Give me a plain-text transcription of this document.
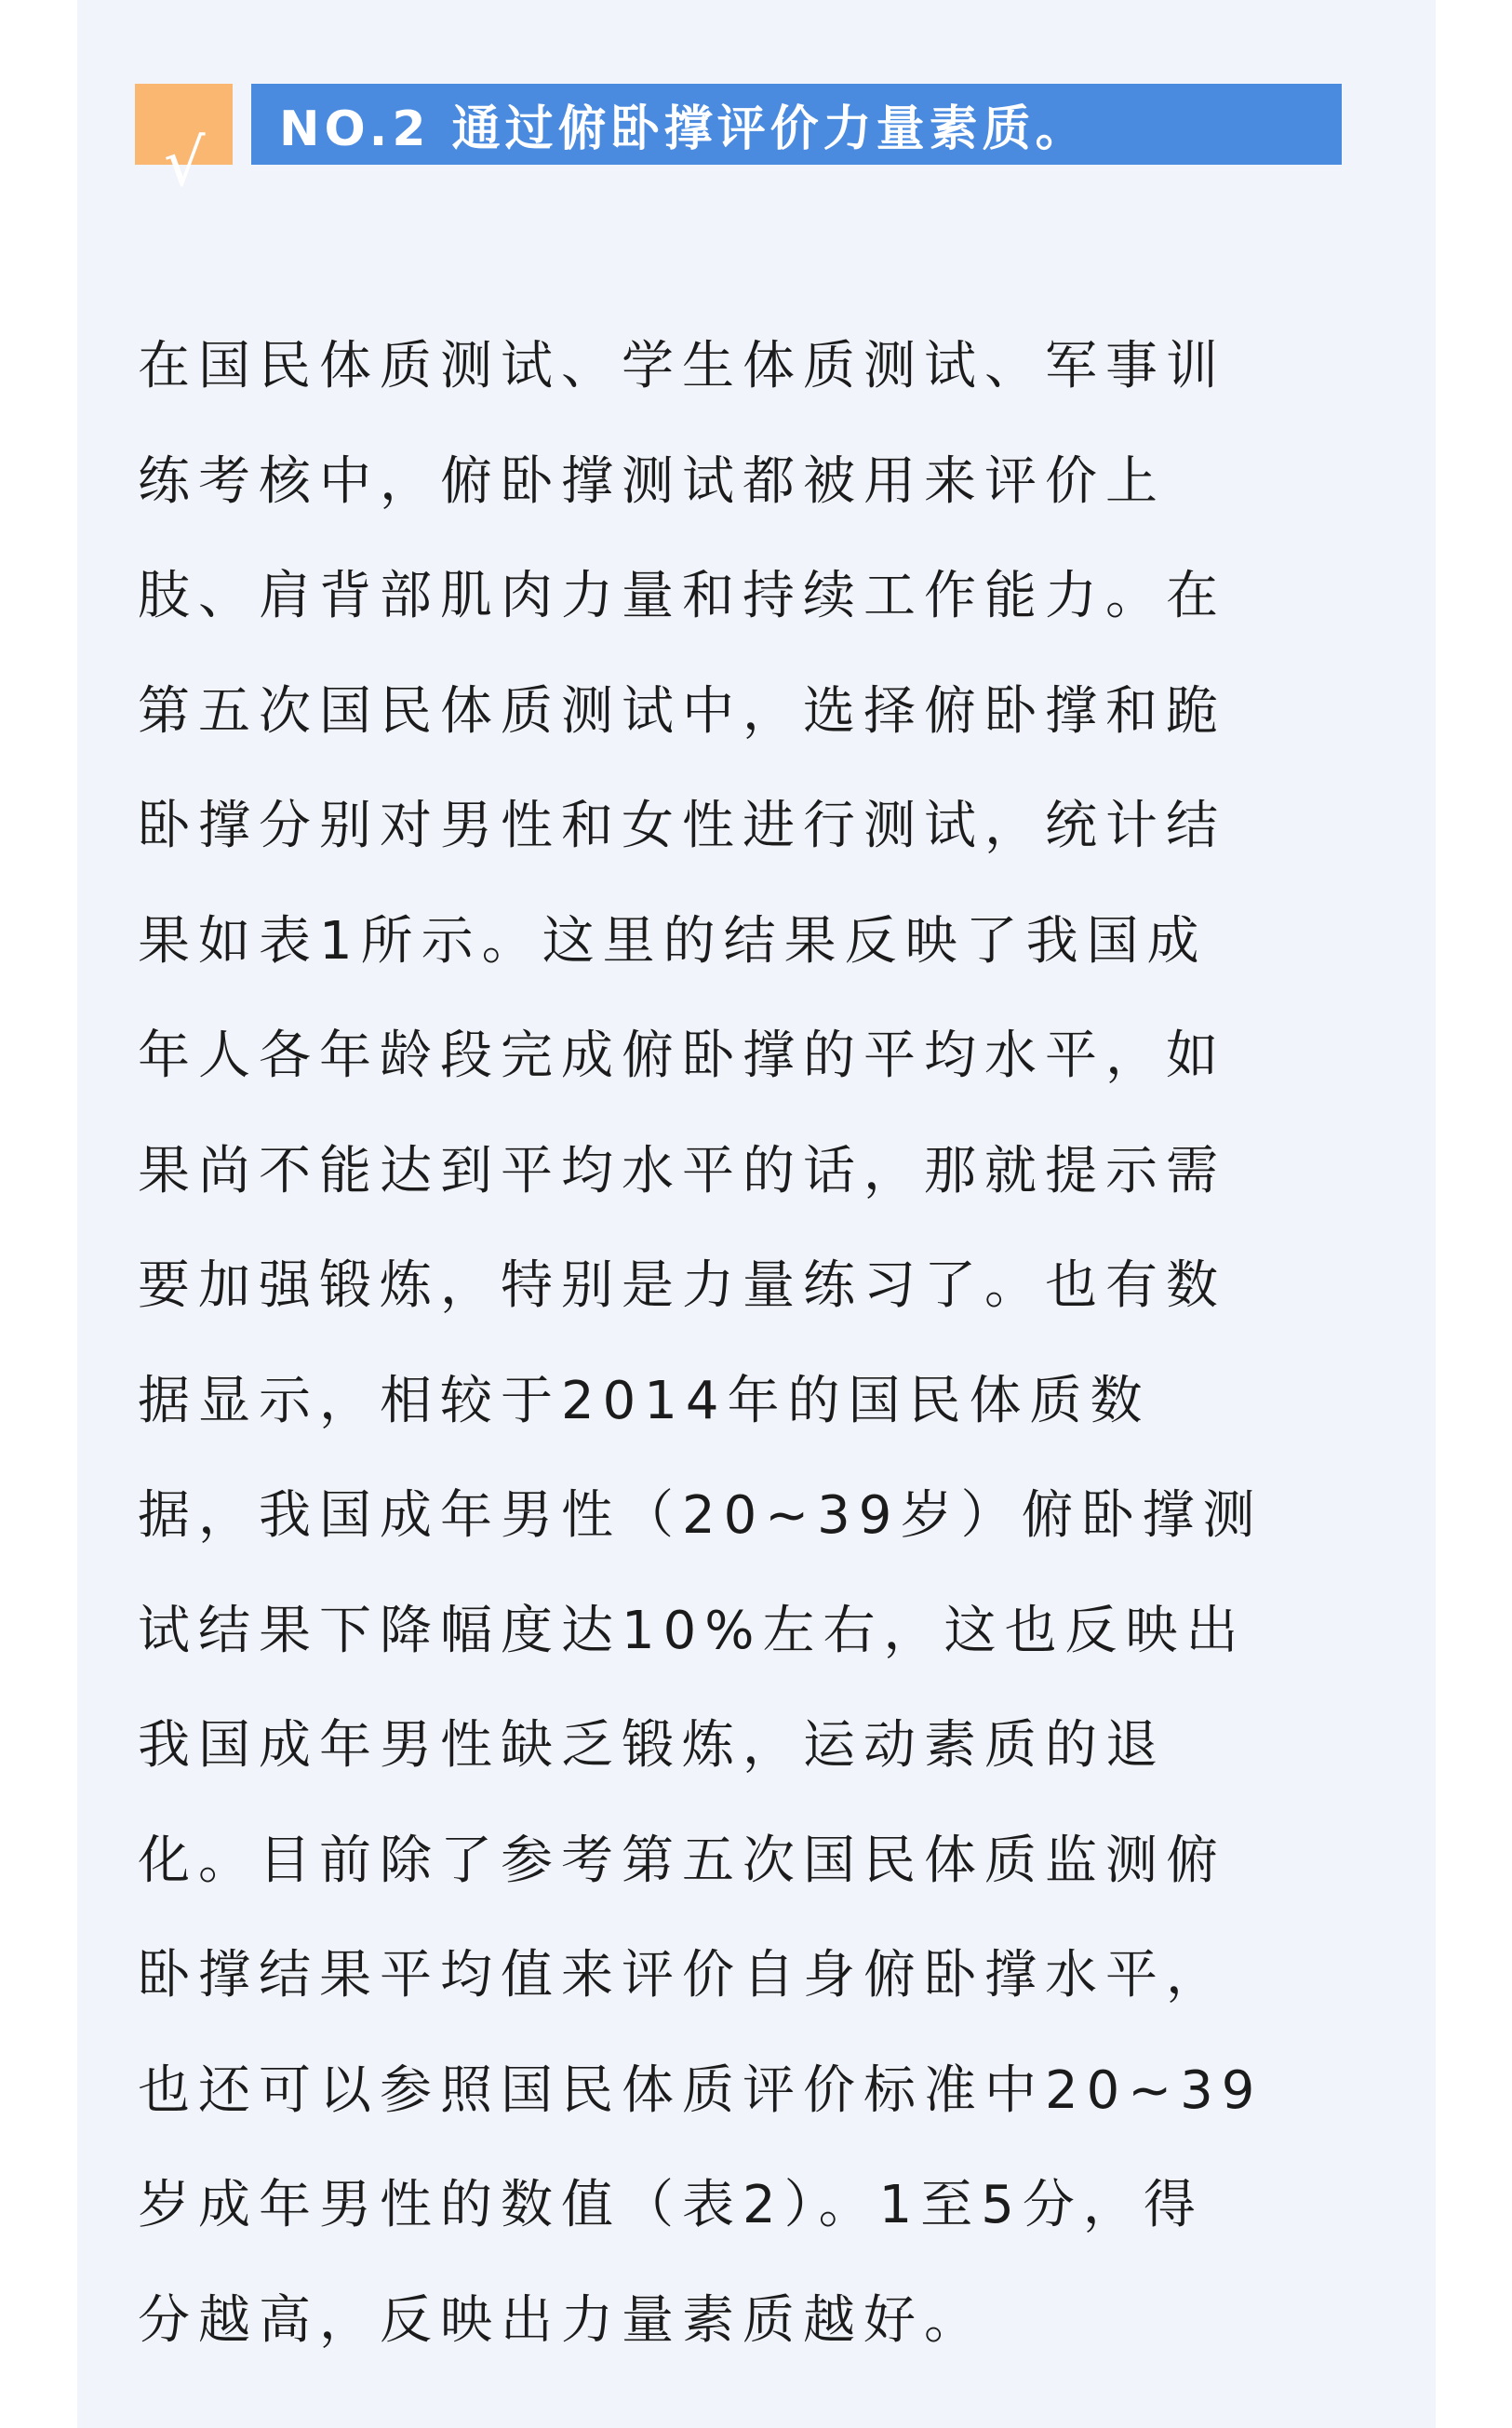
√	NO.2 通过俯卧撑评价力量素质。
在国民体质测试、学生体质测试、军事训
练考核中，俯卧撑测试都被用来评价上
肢、肩背部肌肉力量和持续工作能力。在
第五次国民体质测试中，选择俯卧撑和跪
卧撑分别对男性和女性进行测试，统计结
果如表1所示。这里的结果反映了我国成
年人各年龄段完成俯卧撑的平均水平，如
果尚不能达到平均水平的话，那就提示需
要加强锻炼，特别是力量练习了。也有数
据显示，相较于2014年的国民体质数
据，我国成年男性（20~39岁）俯卧撑测
试结果下降幅度达10%左右，这也反映出
我国成年男性缺乏锻炼，运动素质的退
化。目前除了参考第五次国民体质监测俯
卧撑结果平均值来评价自身俯卧撑水平，
也还可以参照国民体质评价标准中20~39
岁成年男性的数值（表2）。1至5分，得
分越高，反映出力量素质越好。
